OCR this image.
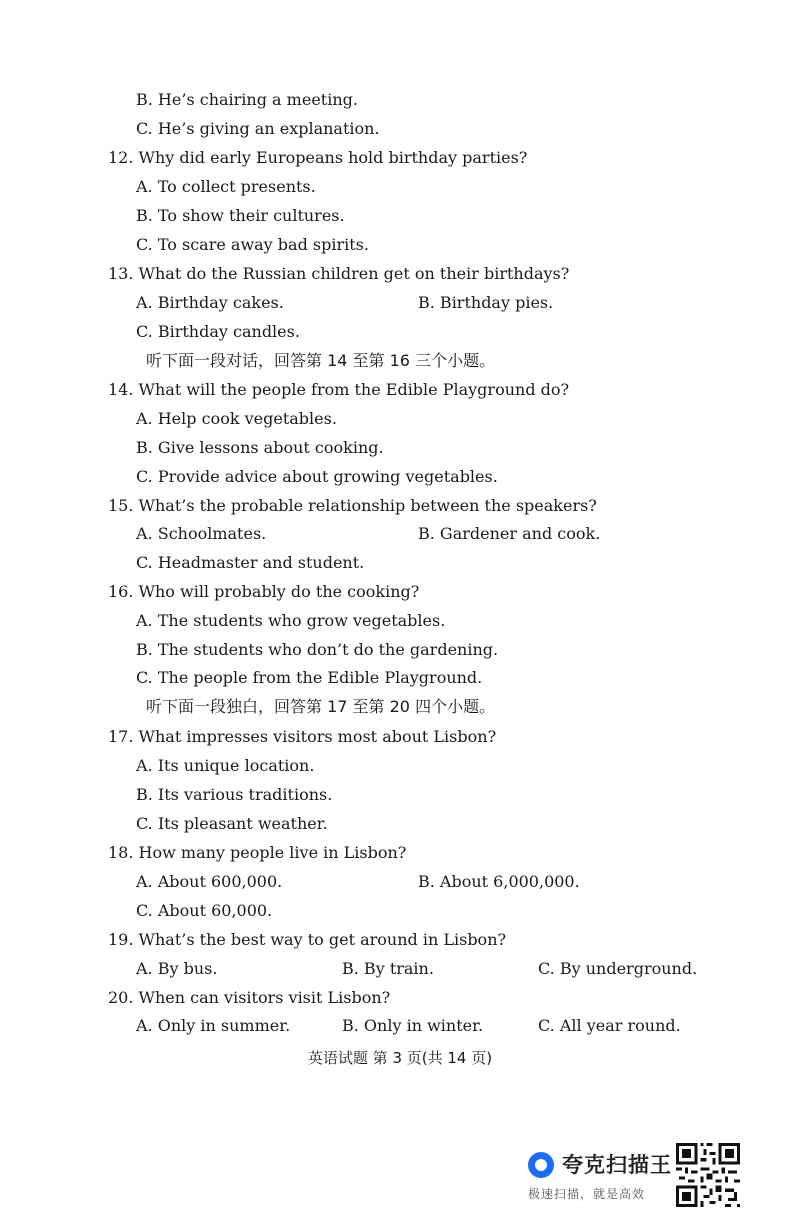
B. He’s chairing a meeting.
C. He’s giving an explanation.
12. Why did early Europeans hold birthday parties?
A. To collect presents.
B. To show their cultures.
C. To scare away bad spirits.
13. What do the Russian children get on their birthdays?
A. Birthday cakes.	B. Birthday pies.
C. Birthday candles.
听下面一段对话，回答第 14 至第 16 三个小题。
14. What will the people from the Edible Playground do?
A. Help cook vegetables.
B. Give lessons about cooking.
C. Provide advice about growing vegetables.
15. What’s the probable relationship between the speakers?
A. Schoolmates.	B. Gardener and cook.
C. Headmaster and student.
16. Who will probably do the cooking?
A. The students who grow vegetables.
B. The students who don’t do the gardening.
C. The people from the Edible Playground.
听下面一段独白，回答第 17 至第 20 四个小题。
17. What impresses visitors most about Lisbon?
A. Its unique location.
B. Its various traditions.
C. Its pleasant weather.
18. How many people live in Lisbon?
A. About 600,000.	B. About 6,000,000.
C. About 60,000.
19. What’s the best way to get around in Lisbon?
A. By bus.	B. By train.	C. By underground.
20. When can visitors visit Lisbon?
A. Only in summer.	B. Only in winter.	C. All year round.
英语试题 第 3 页(共 14 页)
夸克扫描王
极速扫描，就是高效
